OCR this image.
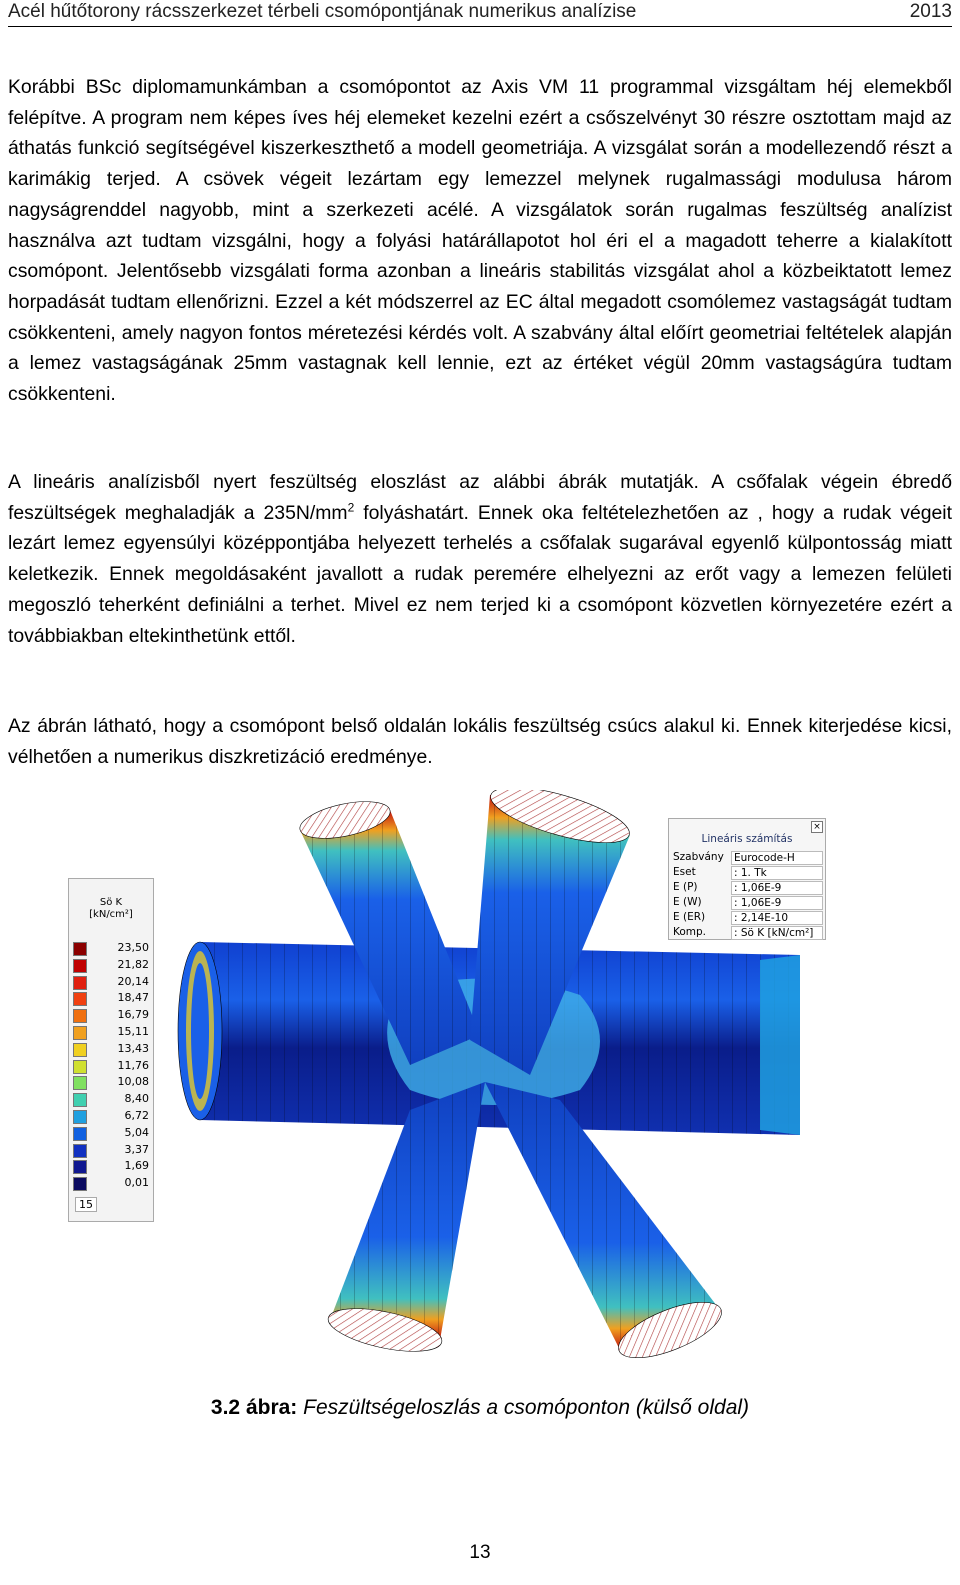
Acél hűtőtorony rácsszerkezet térbeli csomópontjának numerikus analízise	2013

Korábbi BSc diplomamunkámban a csomópontot az Axis VM 11 programmal vizsgáltam héj elemekből felépítve. A program nem képes íves héj elemeket kezelni ezért a csőszelvényt 30 részre osztottam majd az áthatás funkció segítségével kiszerkeszthető a modell geometriája. A vizsgálat során a modellezendő részt a karimákig terjed. A csövek végeit lezártam egy lemezzel melynek rugalmassági modulusa három nagyságrenddel nagyobb, mint a szerkezeti acélé. A vizsgálatok során rugalmas feszültség analízist használva azt tudtam vizsgálni, hogy a folyási határállapotot hol éri el a magadott teherre a kialakított csomópont. Jelentősebb vizsgálati forma azonban a lineáris stabilitás vizsgálat ahol a közbeiktatott lemez horpadását tudtam ellenőrizni. Ezzel a két módszerrel az EC által megadott csomólemez vastagságát tudtam csökkenteni, amely nagyon fontos méretezési kérdés volt. A szabvány által előírt geometriai feltételek alapján a lemez vastagságának 25mm vastagnak kell lennie, ezt az értéket végül 20mm vastagságúra tudtam csökkenteni.

A lineáris analízisből nyert feszültség eloszlást az alábbi ábrák mutatják. A csőfalak végein ébredő feszültségek meghaladják a $235N/mm^2$ folyáshatárt. Ennek oka feltételezhetően az , hogy a rudak végeit lezárt lemez egyensúlyi középpontjába helyezett terhelés a csőfalak sugarával egyenlő külpontosság miatt keletkezik. Ennek megoldásaként javallott a rudak peremére elhelyezni az erőt vagy a lemezen felületi megoszló teherként definiálni a terhet. Mivel ez nem terjed ki a csomópont közvetlen környezetére ezért a továbbiakban eltekinthetünk ettől.

Az ábrán látható, hogy a csomópont belső oldalán lokális feszültség csúcs alakul ki. Ennek kiterjedése kicsi, vélhetően a numerikus diszkretizáció eredménye.

Sö K
[kN/cm²]
23,50
21,82
20,14
18,47
16,79
15,11
13,43
11,76
10,08
8,40
6,72
5,04
3,37
1,69
0,01
15
×
Lineáris számítás
Szabvány Eurocode-H
Eset	: 1. Tk
E (P)	: 1,06E-9
E (W)	: 1,06E-9
E (ER)	: 2,14E-10
Komp.	: Sö K [kN/cm²]
3.2 ábra: Feszültségeloszlás a csomóponton (külső oldal)
13
